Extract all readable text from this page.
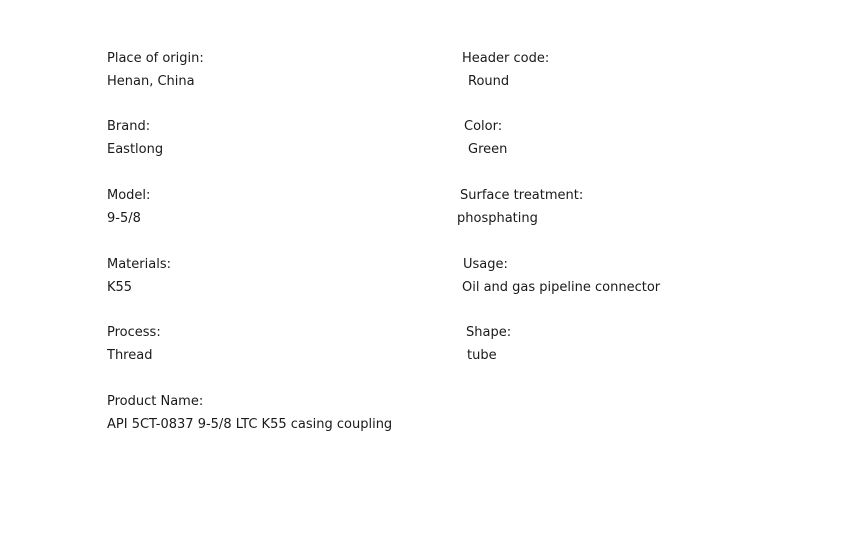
Place of origin:
Henan, China
Brand:
Eastlong
Model:
9-5/8
Materials:
K55
Process:
Thread
Product Name:
API 5CT-0837 9-5/8 LTC K55 casing coupling
Header code:
Round
Color:
Green
Surface treatment:
phosphating
Usage:
Oil and gas pipeline connector
Shape:
tube
